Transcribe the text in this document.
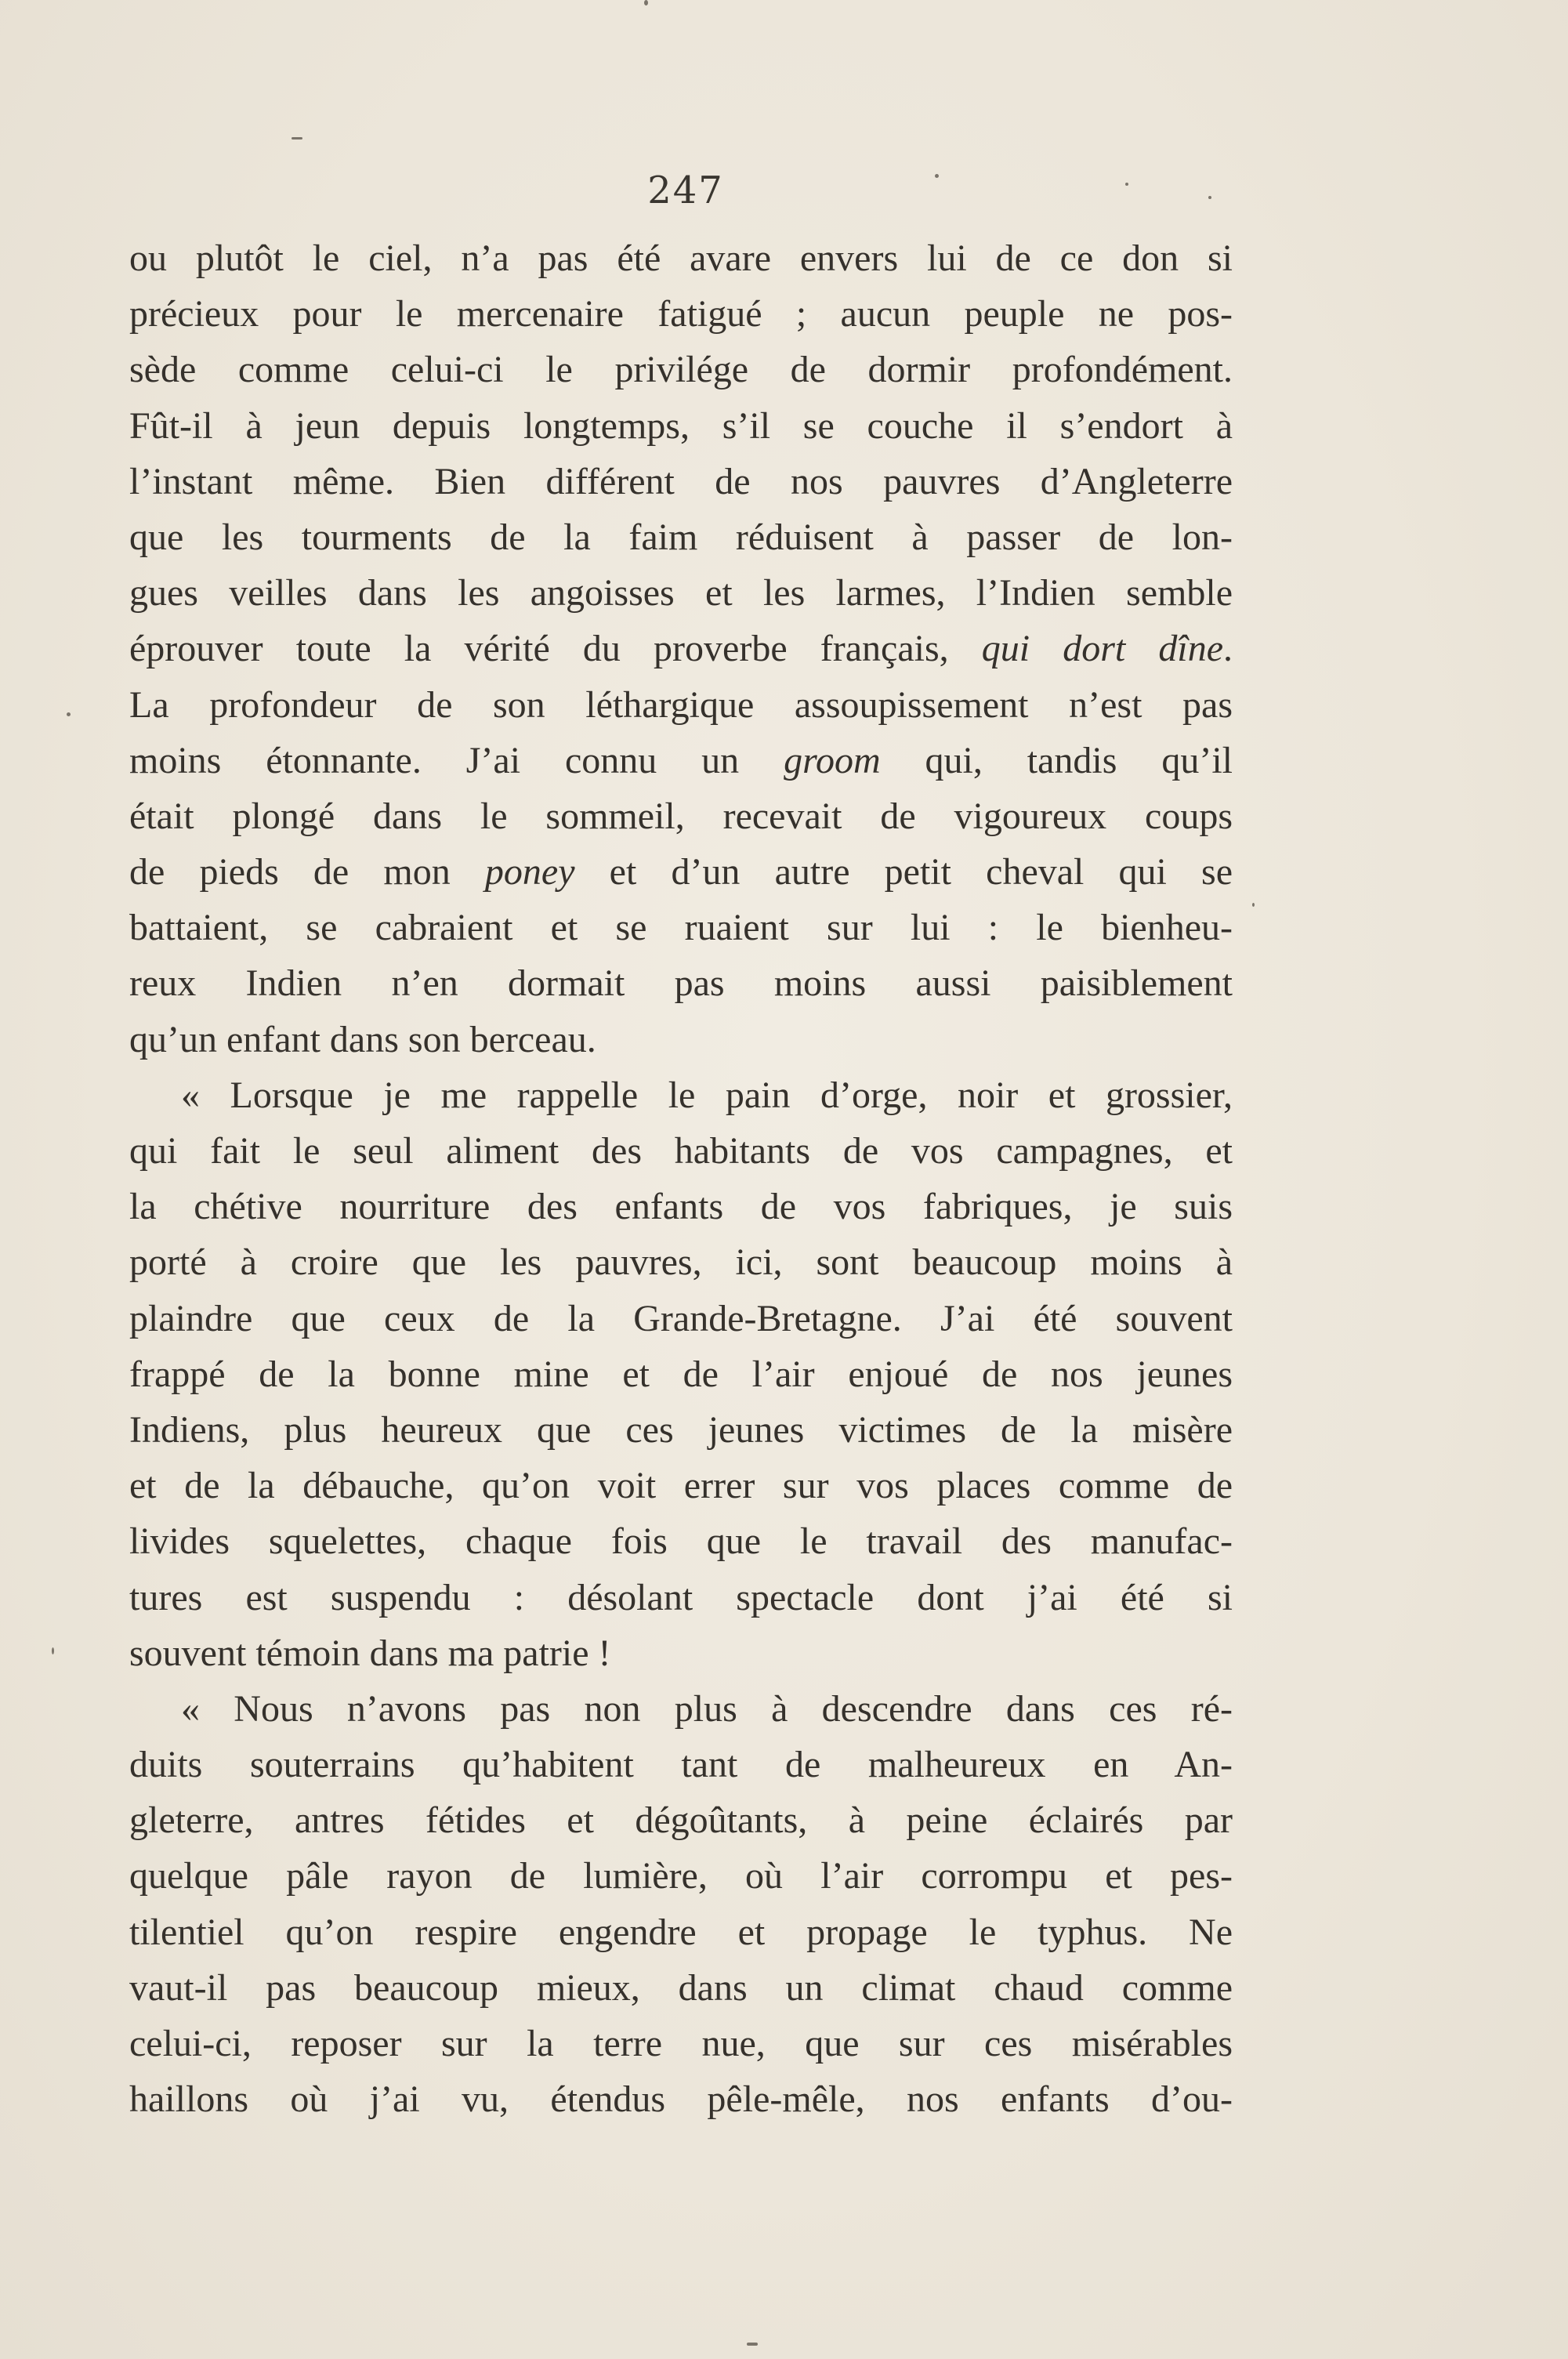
247
ou plutôt le ciel, n’a pas été avare envers lui de ce don si
précieux pour le mercenaire fatigué ; aucun peuple ne pos-
sède comme celui-ci le privilége de dormir profondément.
Fût-il à jeun depuis longtemps, s’il se couche il s’endort à
l’instant même. Bien différent de nos pauvres d’Angleterre
que les tourments de la faim réduisent à passer de lon-
gues veilles dans les angoisses et les larmes, l’Indien semble
éprouver toute la vérité du proverbe français, qui dort dîne.
La profondeur de son léthargique assoupissement n’est pas
moins étonnante. J’ai connu un groom qui, tandis qu’il
était plongé dans le sommeil, recevait de vigoureux coups
de pieds de mon poney et d’un autre petit cheval qui se
battaient, se cabraient et se ruaient sur lui : le bienheu-
reux Indien n’en dormait pas moins aussi paisiblement
qu’un enfant dans son berceau.
« Lorsque je me rappelle le pain d’orge, noir et grossier,
qui fait le seul aliment des habitants de vos campagnes, et
la chétive nourriture des enfants de vos fabriques, je suis
porté à croire que les pauvres, ici, sont beaucoup moins à
plaindre que ceux de la Grande-Bretagne. J’ai été souvent
frappé de la bonne mine et de l’air enjoué de nos jeunes
Indiens, plus heureux que ces jeunes victimes de la misère
et de la débauche, qu’on voit errer sur vos places comme de
livides squelettes, chaque fois que le travail des manufac-
tures est suspendu : désolant spectacle dont j’ai été si
souvent témoin dans ma patrie !
« Nous n’avons pas non plus à descendre dans ces ré-
duits souterrains qu’habitent tant de malheureux en An-
gleterre, antres fétides et dégoûtants, à peine éclairés par
quelque pâle rayon de lumière, où l’air corrompu et pes-
tilentiel qu’on respire engendre et propage le typhus. Ne
vaut-il pas beaucoup mieux, dans un climat chaud comme
celui-ci, reposer sur la terre nue, que sur ces misérables
haillons où j’ai vu, étendus pêle-mêle, nos enfants d’ou-
